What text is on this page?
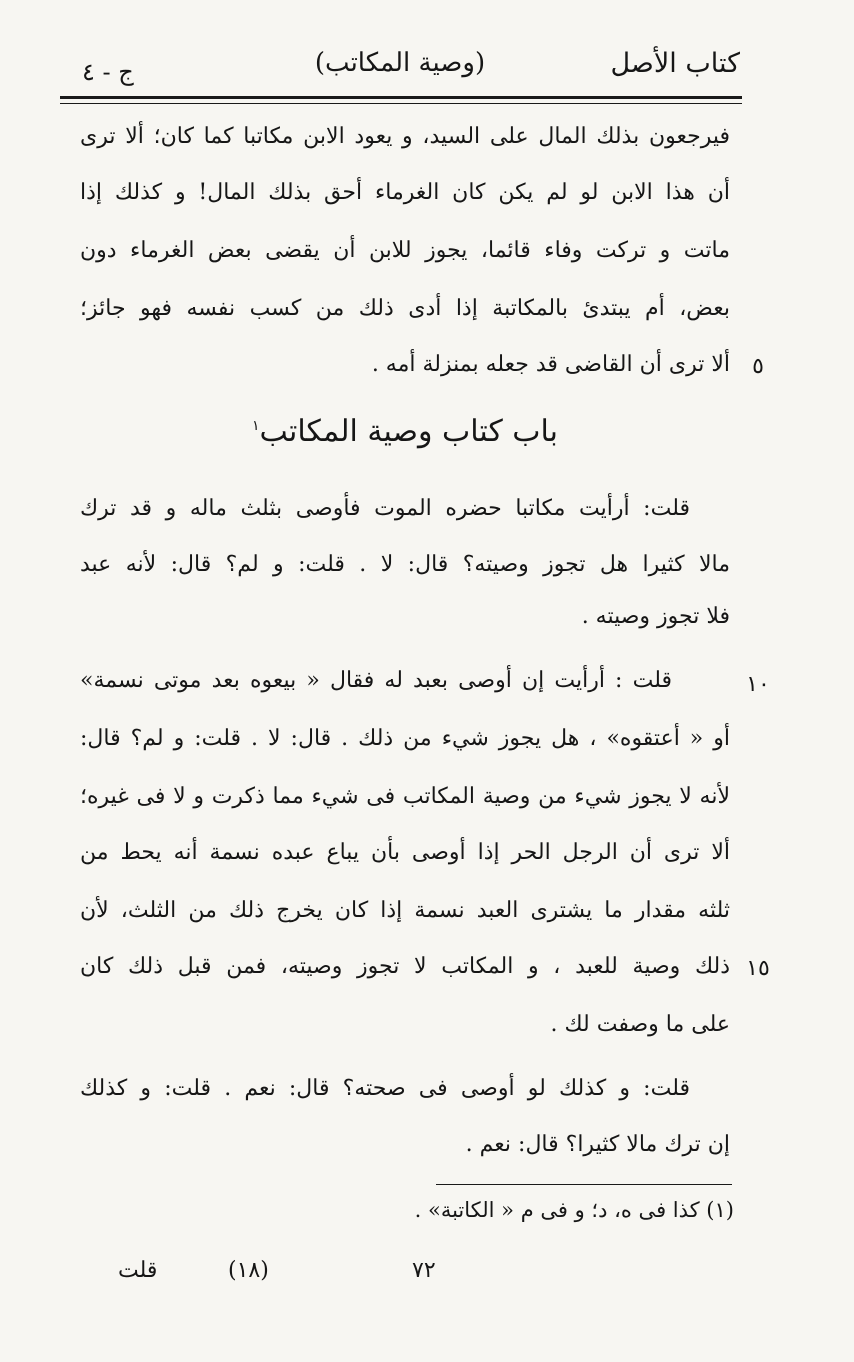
كتاب الأصل
(وصية المكاتب)
ج - ٤
فيرجعون بذلك المال على السيد، و يعود الابن مكاتبا كما كان؛ ألا ترى
أن هذا الابن لو لم يكن كان الغرماء أحق بذلك المال! و كذلك إذا
ماتت و تركت وفاء قائما، يجوز للابن أن يقضى بعض الغرماء دون
بعض، أم يبتدئ بالمكاتبة إذا أدى ذلك من كسب نفسه فهو جائز؛
ألا ترى أن القاضى قد جعله بمنزلة أمه .	٥
باب كتاب وصية المكاتب$^١$
قلت: أرأيت مكاتبا حضره الموت فأوصى بثلث ماله و قد ترك
مالا كثيرا هل تجوز وصيته؟ قال: لا . قلت: و لم؟ قال: لأنه عبد
فلا تجوز وصيته .
١٠
قلت : أرأيت إن أوصى بعبد له فقال « بيعوه بعد موتى نسمة»
أو « أعتقوه» ، هل يجوز شيء من ذلك . قال: لا . قلت: و لم؟ قال:
لأنه لا يجوز شيء من وصية المكاتب فى شيء مما ذكرت و لا فى غيره؛
ألا ترى أن الرجل الحر إذا أوصى بأن يباع عبده نسمة أنه يحط من
ثلثه مقدار ما يشترى العبد نسمة إذا كان يخرج ذلك من الثلث، لأن
١٥
ذلك وصية للعبد ، و المكاتب لا تجوز وصيته، فمن قبل ذلك كان
على ما وصفت لك .
قلت: و كذلك لو أوصى فى صحته؟ قال: نعم . قلت: و كذلك
إن ترك مالا كثيرا؟ قال: نعم .
(١) كذا فى ه، د؛ و فى م « الكاتبة» .
قلت	(١٨)	٧٢
